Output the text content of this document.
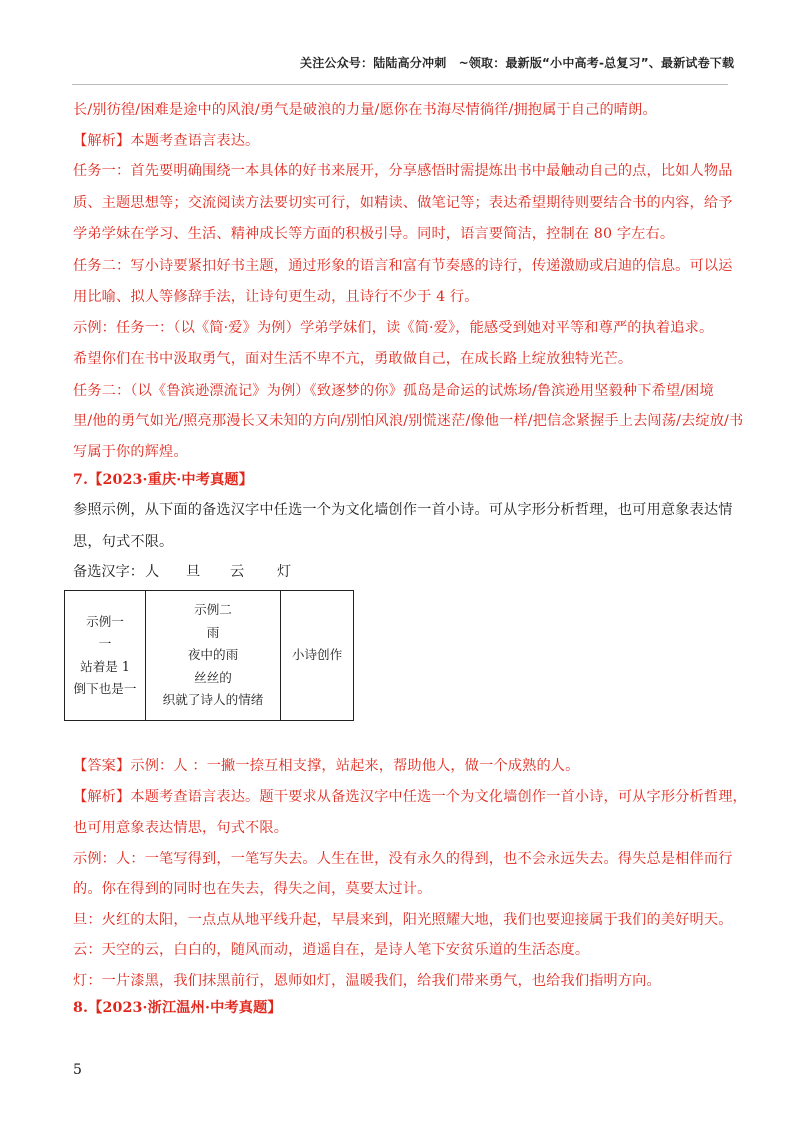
关注公众号：陆陆高分冲刺　~领取：最新版“小中高考-总复习”、最新试卷下载
长/别彷徨/困难是途中的风浪/勇气是破浪的力量/愿你在书海尽情徜徉/拥抱属于自己的晴朗。
【解析】本题考查语言表达。
任务一：首先要明确围绕一本具体的好书来展开，分享感悟时需提炼出书中最触动自己的点，比如人物品
质、主题思想等；交流阅读方法要切实可行，如精读、做笔记等；表达希望期待则要结合书的内容，给予
学弟学妹在学习、生活、精神成长等方面的积极引导。同时，语言要简洁，控制在 80 字左右。
任务二：写小诗要紧扣好书主题，通过形象的语言和富有节奏感的诗行，传递激励或启迪的信息。可以运
用比喻、拟人等修辞手法，让诗句更生动，且诗行不少于 4 行。
示例：任务一：（以《简·爱》为例）学弟学妹们，读《简·爱》，能感受到她对平等和尊严的执着追求。
希望你们在书中汲取勇气，面对生活不卑不亢，勇敢做自己，在成长路上绽放独特光芒。
任务二：（以《鲁滨逊漂流记》为例）《致逐梦的你》孤岛是命运的试炼场/鲁滨逊用坚毅种下希望/困境
里/他的勇气如光/照亮那漫长又未知的方向/别怕风浪/别慌迷茫/像他一样/把信念紧握手上去闯荡/去绽放/书
写属于你的辉煌。
7.【2023·重庆·中考真题】
参照示例，从下面的备选汉字中任选一个为文化墙创作一首小诗。可从字形分析哲理，也可用意象表达情
思，句式不限。
备选汉字： 人 旦 云 灯
示例一
一
站着是 1
倒下也是一

示例二
雨
夜中的雨
丝丝的
织就了诗人的情绪

小诗创作
【答案】示例：人 ：一撇一捺互相支撑，站起来，帮助他人，做一个成熟的人。
【解析】本题考查语言表达。题干要求从备选汉字中任选一个为文化墙创作一首小诗，可从字形分析哲理，
也可用意象表达情思，句式不限。
示例：人：一笔写得到，一笔写失去。人生在世，没有永久的得到，也不会永远失去。得失总是相伴而行
的。你在得到的同时也在失去，得失之间，莫要太过计。
旦：火红的太阳，一点点从地平线升起，早晨来到，阳光照耀大地，我们也要迎接属于我们的美好明天。
云：天空的云，白白的，随风而动，逍遥自在，是诗人笔下安贫乐道的生活态度。
灯：一片漆黑，我们抹黑前行，恩师如灯，温暖我们，给我们带来勇气，也给我们指明方向。
8.【2023·浙江温州·中考真题】
5
